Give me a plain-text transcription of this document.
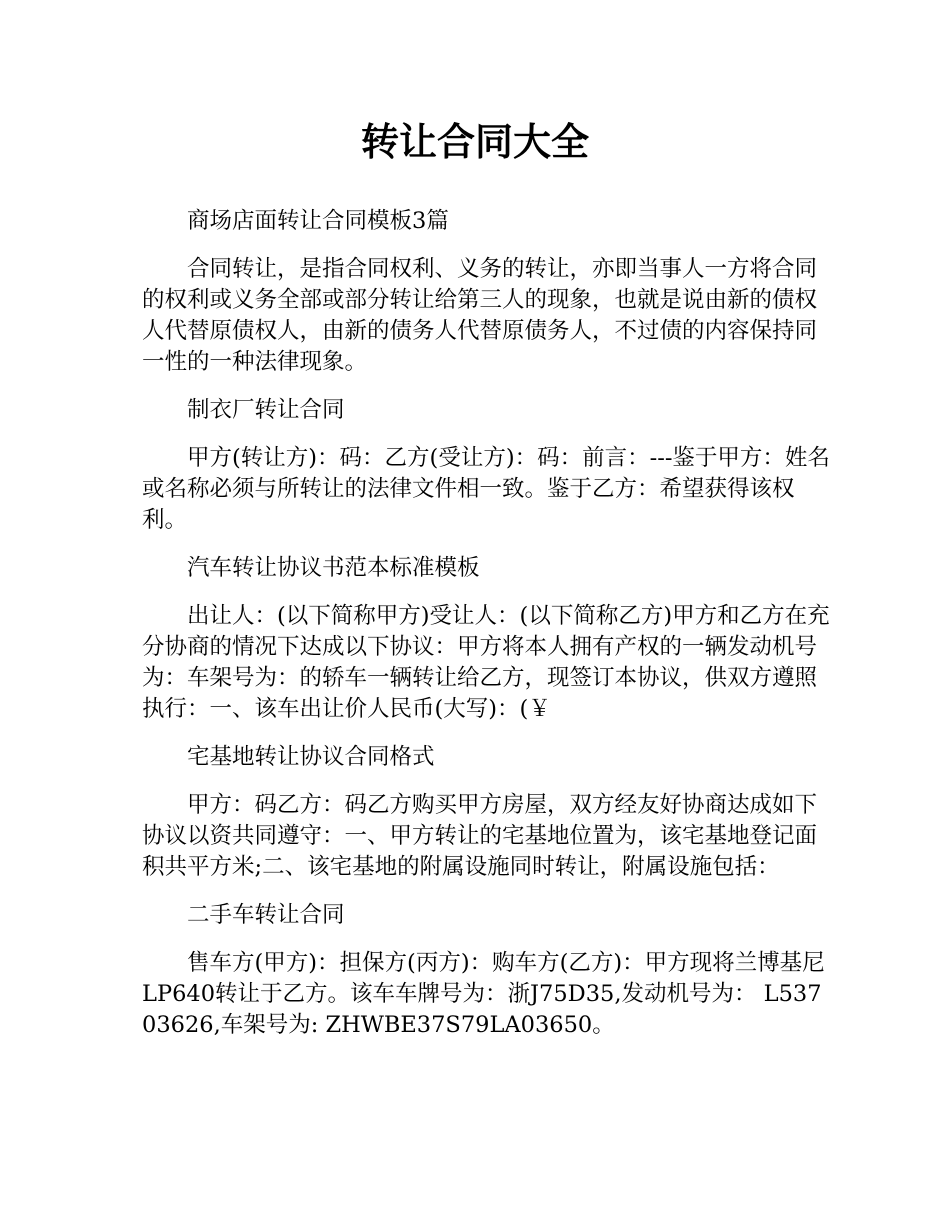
转让合同大全

商场店面转让合同模板3篇

合同转让，是指合同权利、义务的转让，亦即当事人一方将合同的权利或义务全部或部分转让给第三人的现象，也就是说由新的债权人代替原债权人，由新的债务人代替原债务人，不过债的内容保持同一性的一种法律现象。

制衣厂转让合同

甲方(转让方)：码：乙方(受让方)：码：前言：---鉴于甲方：姓名或名称必须与所转让的法律文件相一致。鉴于乙方：希望获得该权利。

汽车转让协议书范本标准模板

出让人：(以下简称甲方)受让人：(以下简称乙方)甲方和乙方在充分协商的情况下达成以下协议：甲方将本人拥有产权的一辆发动机号为：车架号为：的轿车一辆转让给乙方，现签订本协议，供双方遵照执行：一、该车出让价人民币(大写)：(￥

宅基地转让协议合同格式

甲方：码乙方：码乙方购买甲方房屋，双方经友好协商达成如下协议以资共同遵守：一、甲方转让的宅基地位置为，该宅基地登记面积共平方米;二、该宅基地的附属设施同时转让，附属设施包括：

二手车转让合同

售车方(甲方)：担保方(丙方)：购车方(乙方)：甲方现将兰博基尼LP640转让于乙方。该车车牌号为：浙J75D35,发动机号为： L53703626,车架号为: ZHWBE37S79LA03650。
